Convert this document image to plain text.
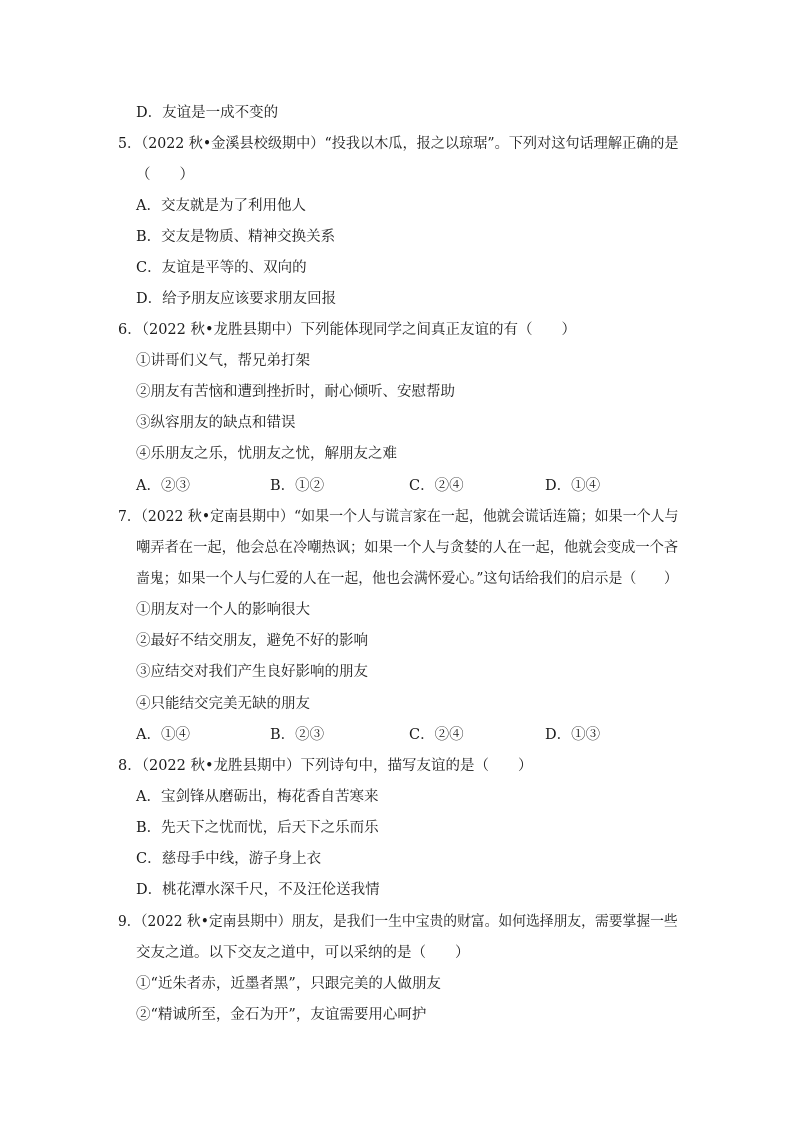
D．友谊是一成不变的
5．（2022 秋•金溪县校级期中）“投我以木瓜，报之以琼琚”。下列对这句话理解正确的是
（　　）
A．交友就是为了利用他人
B．交友是物质、精神交换关系
C．友谊是平等的、双向的
D．给予朋友应该要求朋友回报
6．（2022 秋•龙胜县期中）下列能体现同学之间真正友谊的有（　　）
①讲哥们义气，帮兄弟打架
②朋友有苦恼和遭到挫折时，耐心倾听、安慰帮助
③纵容朋友的缺点和错误
④乐朋友之乐，忧朋友之忧，解朋友之难
A．②③	B．①②	C．②④	D．①④
7．（2022 秋•定南县期中）“如果一个人与谎言家在一起，他就会谎话连篇；如果一个人与
嘲弄者在一起，他会总在冷嘲热讽；如果一个人与贪婪的人在一起，他就会变成一个吝
啬鬼；如果一个人与仁爱的人在一起，他也会满怀爱心。”这句话给我们的启示是（　　）
①朋友对一个人的影响很大
②最好不结交朋友，避免不好的影响
③应结交对我们产生良好影响的朋友
④只能结交完美无缺的朋友
A．①④	B．②③	C．②④	D．①③
8．（2022 秋•龙胜县期中）下列诗句中，描写友谊的是（　　）
A．宝剑锋从磨砺出，梅花香自苦寒来
B．先天下之忧而忧，后天下之乐而乐
C．慈母手中线，游子身上衣
D．桃花潭水深千尺，不及汪伦送我情
9．（2022 秋•定南县期中）朋友，是我们一生中宝贵的财富。如何选择朋友，需要掌握一些
交友之道。以下交友之道中，可以采纳的是（　　）
①“近朱者赤，近墨者黑”，只跟完美的人做朋友
②“精诚所至，金石为开”，友谊需要用心呵护
